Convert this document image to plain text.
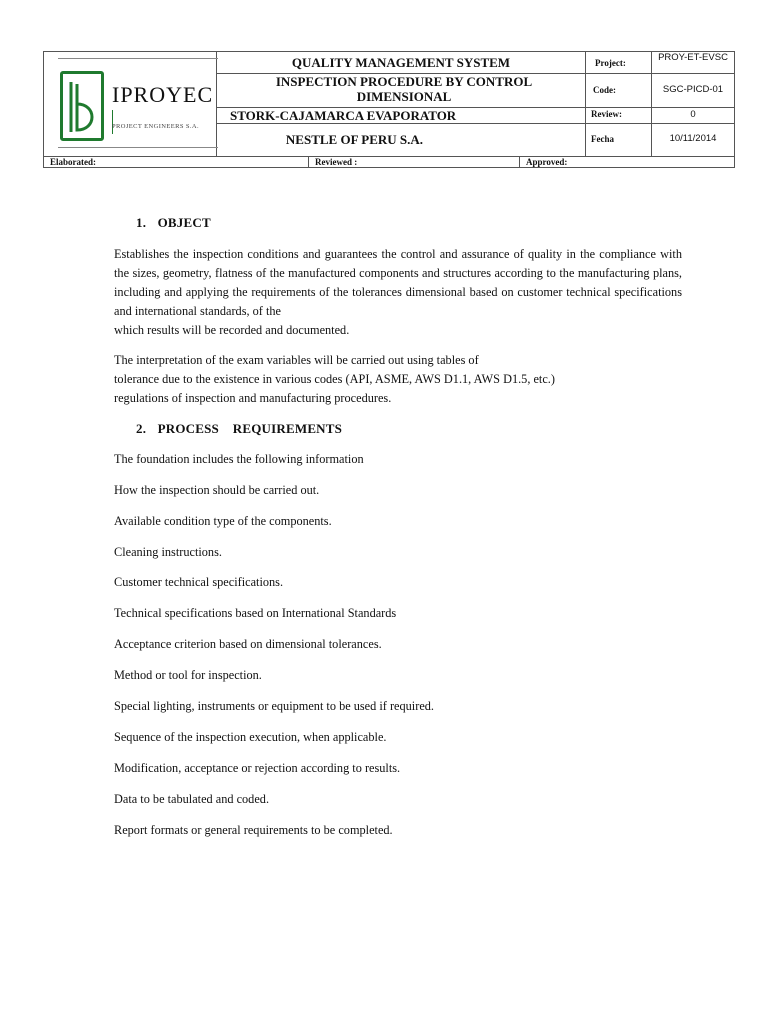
IPROYEC
PROJECT ENGINEERS S.A.
QUALITY MANAGEMENT SYSTEM
INSPECTION PROCEDURE BY CONTROL DIMENSIONAL
STORK-CAJAMARCA EVAPORATOR
NESTLE OF PERU S.A.
Project:
Code:
Review:
Fecha
PROY-ET-EVSC
SGC-PICD-01
0
10/11/2014
Elaborated:	Reviewed :	Approved:
1. OBJECT
Establishes the inspection conditions and guarantees the control and assurance of quality in the compliance with the sizes, geometry, flatness of the manufactured components and structures according to the manufacturing plans, including and applying the requirements of the tolerances dimensional based on customer technical specifications and international standards, of the
which results will be recorded and documented.
The interpretation of the exam variables will be carried out using tables of
tolerance due to the existence in various codes (API, ASME, AWS D1.1, AWS D1.5, etc.)
regulations of inspection and manufacturing procedures.
2. PROCESS    REQUIREMENTS
The foundation includes the following information
How the inspection should be carried out.
Available condition type of the components.
Cleaning instructions.
Customer technical specifications.
Technical specifications based on International Standards
Acceptance criterion based on dimensional tolerances.
Method or tool for inspection.
Special lighting, instruments or equipment to be used if required.
Sequence of the inspection execution, when applicable.
Modification, acceptance or rejection according to results.
Data to be tabulated and coded.
Report formats or general requirements to be completed.
